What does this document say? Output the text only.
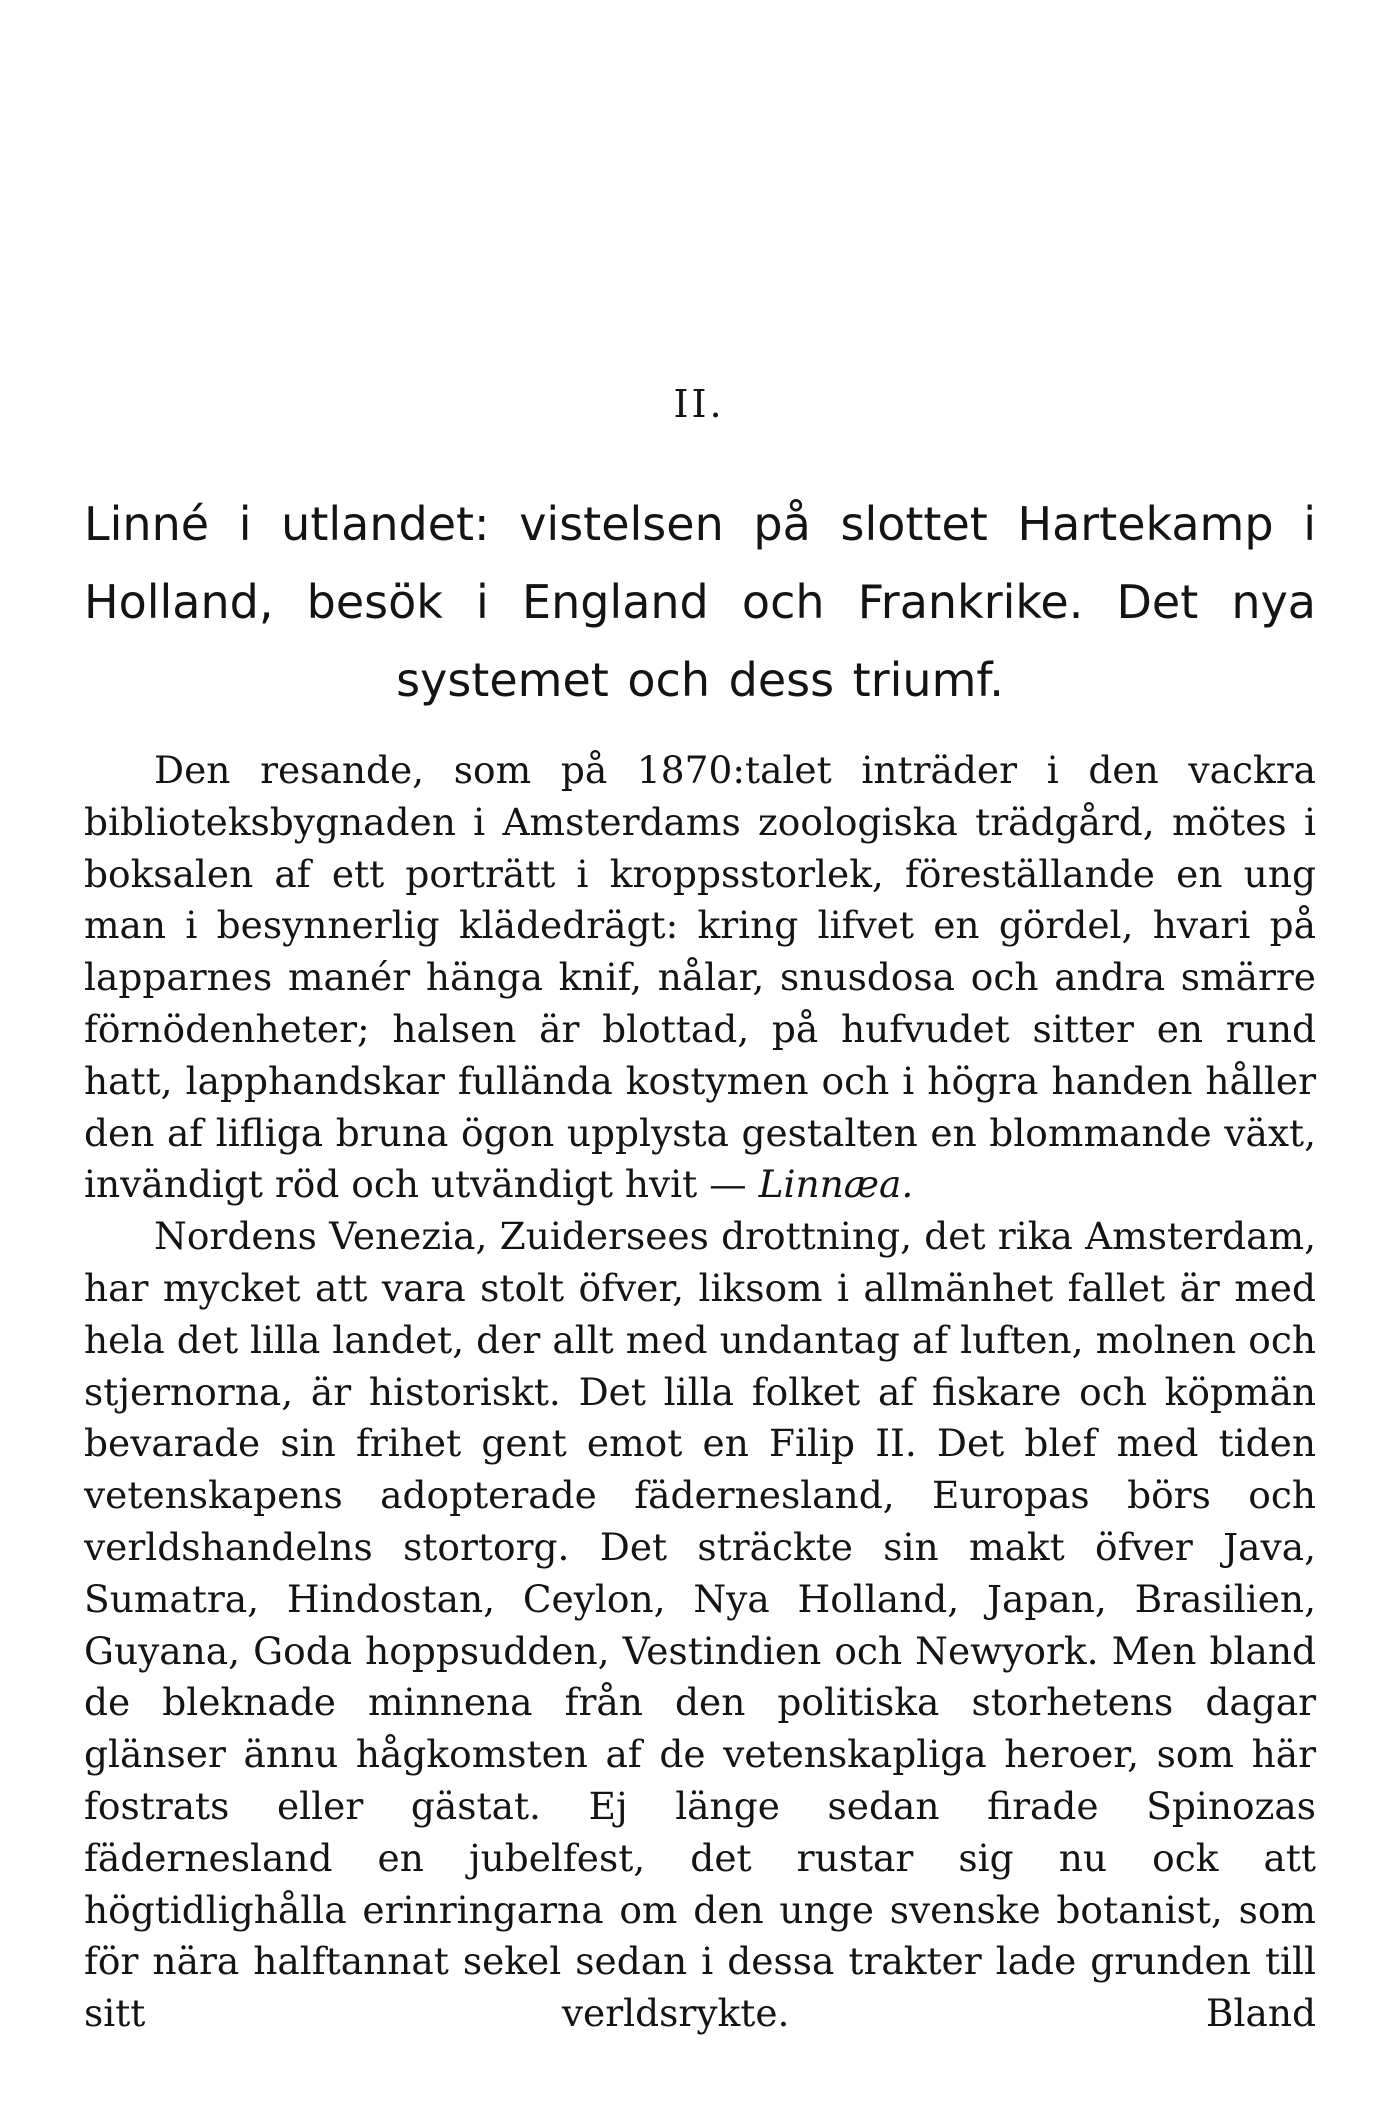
II.
Linné i utlandet: vistelsen på slottet Hartekamp i Holland, besök i England och Frankrike. Det nya systemet och dess triumf.

Den resande, som på 1870:talet inträder i den vackra biblioteksbygnaden i Amsterdams zoologiska trädgård, mötes i boksalen af ett porträtt i kroppsstorlek, föreställande en ung man i besynnerlig klädedrägt: kring lifvet en gördel, hvari på lapparnes manér hänga knif, nålar, snusdosa och andra smärre förnödenheter; halsen är blottad, på hufvudet sitter en rund hatt, lapphandskar fullända kostymen och i högra handen håller den af lifliga bruna ögon upplysta gestalten en blommande växt, invändigt röd och utvändigt hvit — Linnæa.

Nordens Venezia, Zuidersees drottning, det rika Amsterdam, har mycket att vara stolt öfver, liksom i allmänhet fallet är med hela det lilla landet, der allt med undantag af luften, molnen och stjernorna, är historiskt. Det lilla folket af fiskare och köpmän bevarade sin frihet gent emot en Filip II. Det blef med tiden vetenskapens adopterade fädernesland, Europas börs och verldshandelns stortorg. Det sträckte sin makt öfver Java, Sumatra, Hindostan, Ceylon, Nya Holland, Japan, Brasilien, Guyana, Goda hoppsudden, Vestindien och Newyork. Men bland de bleknade minnena från den politiska storhetens dagar glänser ännu hågkomsten af de vetenskapliga heroer, som här fostrats eller gästat. Ej länge sedan firade Spinozas fädernesland en jubelfest, det rustar sig nu ock att högtidlighålla erinringarna om den unge svenske botanist, som för nära halftannat sekel sedan i dessa trakter lade grunden till sitt verldsrykte. Bland
